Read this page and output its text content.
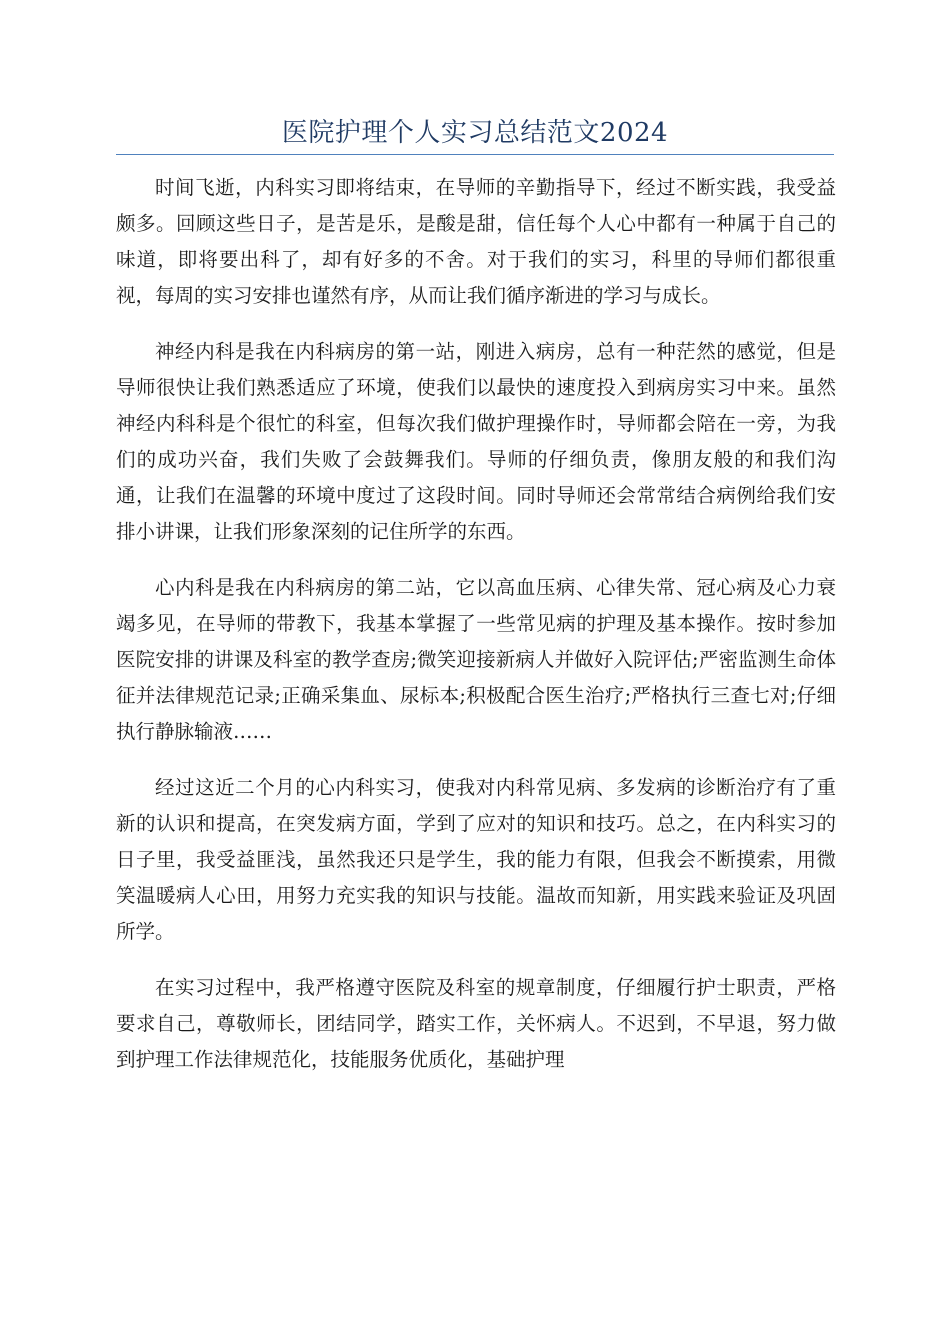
医院护理个人实习总结范文2024

时间飞逝，内科实习即将结束，在导师的辛勤指导下，经过不断实践，我受益颇多。回顾这些日子，是苦是乐，是酸是甜，信任每个人心中都有一种属于自己的味道，即将要出科了，却有好多的不舍。对于我们的实习，科里的导师们都很重视，每周的实习安排也谨然有序，从而让我们循序渐进的学习与成长。

神经内科是我在内科病房的第一站，刚进入病房，总有一种茫然的感觉，但是导师很快让我们熟悉适应了环境，使我们以最快的速度投入到病房实习中来。虽然神经内科科是个很忙的科室，但每次我们做护理操作时，导师都会陪在一旁，为我们的成功兴奋，我们失败了会鼓舞我们。导师的仔细负责，像朋友般的和我们沟通，让我们在温馨的环境中度过了这段时间。同时导师还会常常结合病例给我们安排小讲课，让我们形象深刻的记住所学的东西。

心内科是我在内科病房的第二站，它以高血压病、心律失常、冠心病及心力衰竭多见，在导师的带教下，我基本掌握了一些常见病的护理及基本操作。按时参加医院安排的讲课及科室的教学查房;微笑迎接新病人并做好入院评估;严密监测生命体征并法律规范记录;正确采集血、尿标本;积极配合医生治疗;严格执行三查七对;仔细执行静脉输液……

经过这近二个月的心内科实习，使我对内科常见病、多发病的诊断治疗有了重新的认识和提高，在突发病方面，学到了应对的知识和技巧。总之，在内科实习的日子里，我受益匪浅，虽然我还只是学生，我的能力有限，但我会不断摸索，用微笑温暖病人心田，用努力充实我的知识与技能。温故而知新，用实践来验证及巩固所学。

在实习过程中，我严格遵守医院及科室的规章制度，仔细履行护士职责，严格要求自己，尊敬师长，团结同学，踏实工作，关怀病人。不迟到，不早退，努力做到护理工作法律规范化，技能服务优质化，基础护理
